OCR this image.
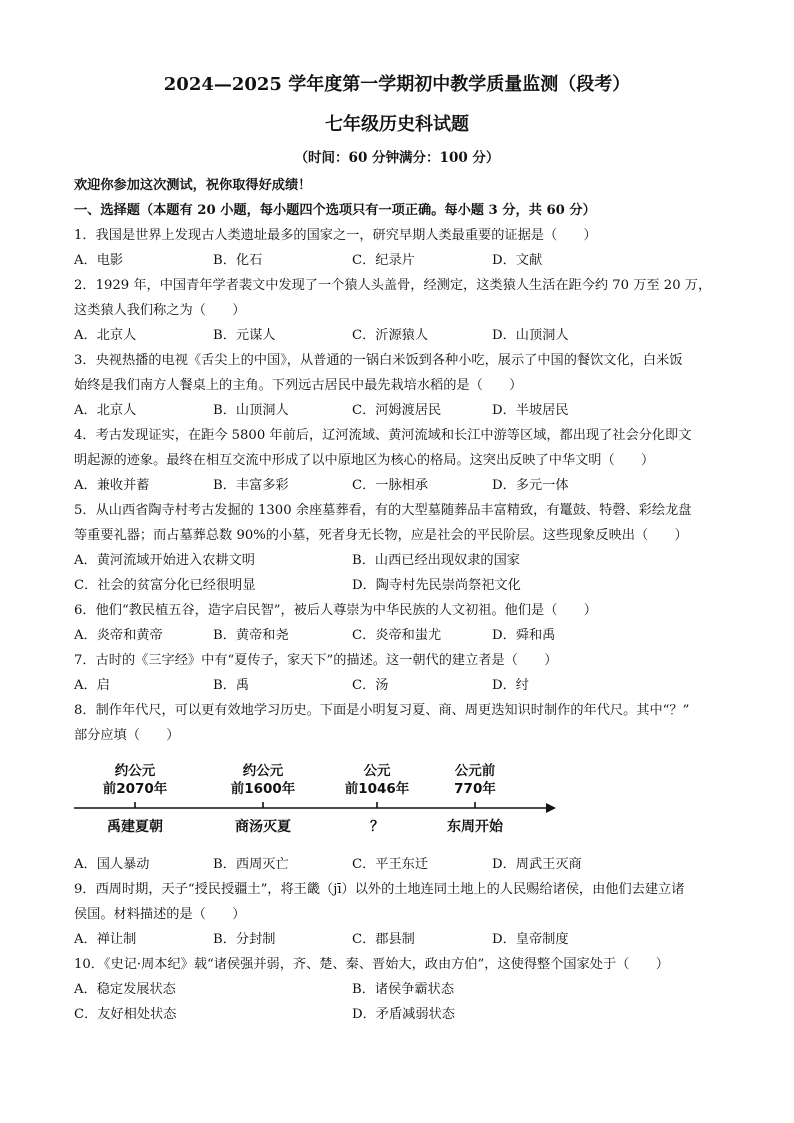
2024—2025 学年度第一学期初中教学质量监测（段考）
七年级历史科试题
（时间：60 分钟满分：100 分）
欢迎你参加这次测试，祝你取得好成绩！
一、选择题（本题有 20 小题，每小题四个选项只有一项正确。每小题 3 分，共 60 分）
1．我国是世界上发现古人类遗址最多的国家之一，研究早期人类最重要的证据是（　　）
A．电影	B．化石	C．纪录片	D．文献
2．1929 年，中国青年学者裴文中发现了一个猿人头盖骨，经测定，这类猿人生活在距今约 70 万至 20 万，
这类猿人我们称之为（　　）
A．北京人	B．元谋人	C．沂源猿人	D．山顶洞人
3．央视热播的电视《舌尖上的中国》，从普通的一锅白米饭到各种小吃，展示了中国的餐饮文化，白米饭
始终是我们南方人餐桌上的主角。下列远古居民中最先栽培水稻的是（　　）
A．北京人	B．山顶洞人	C．河姆渡居民	D．半坡居民
4．考古发现证实，在距今 5800 年前后，辽河流域、黄河流域和长江中游等区域，都出现了社会分化即文
明起源的迹象。最终在相互交流中形成了以中原地区为核心的格局。这突出反映了中华文明（　　）
A．兼收并蓄	B．丰富多彩	C．一脉相承	D．多元一体
5．从山西省陶寺村考古发掘的 1300 余座墓葬看，有的大型墓随葬品丰富精致，有鼍鼓、特磬、彩绘龙盘
等重要礼器；而占墓葬总数 90%的小墓，死者身无长物，应是社会的平民阶层。这些现象反映出（　　）
A．黄河流域开始进入农耕文明	B．山西已经出现奴隶的国家
C．社会的贫富分化已经很明显	D．陶寺村先民崇尚祭祀文化
6．他们“教民植五谷，造字启民智”，被后人尊崇为中华民族的人文初祖。他们是（　　）
A．炎帝和黄帝	B．黄帝和尧	C．炎帝和蚩尤	D．舜和禹
7．古时的《三字经》中有“夏传子，家天下”的描述。这一朝代的建立者是（　　）
A．启	B．禹	C．汤	D．纣
8．制作年代尺，可以更有效地学习历史。下面是小明复习夏、商、周更迭知识时制作的年代尺。其中“？”
部分应填（　　）
约公元
前2070年
约公元
前1600年
公元
前1046年
公元前
770年
禹建夏朝	商汤灭夏	？	东周开始
A．国人暴动	B．西周灭亡	C．平王东迁	D．周武王灭商
9．西周时期，天子“授民授疆土”，将王畿（jī）以外的土地连同土地上的人民赐给诸侯，由他们去建立诸
侯国。材料描述的是（　　）
A．禅让制	B．分封制	C．郡县制	D．皇帝制度
10．《史记·周本纪》载“诸侯强并弱，齐、楚、秦、晋始大，政由方伯”，这使得整个国家处于（　　）
A．稳定发展状态	B．诸侯争霸状态
C．友好相处状态	D．矛盾减弱状态
